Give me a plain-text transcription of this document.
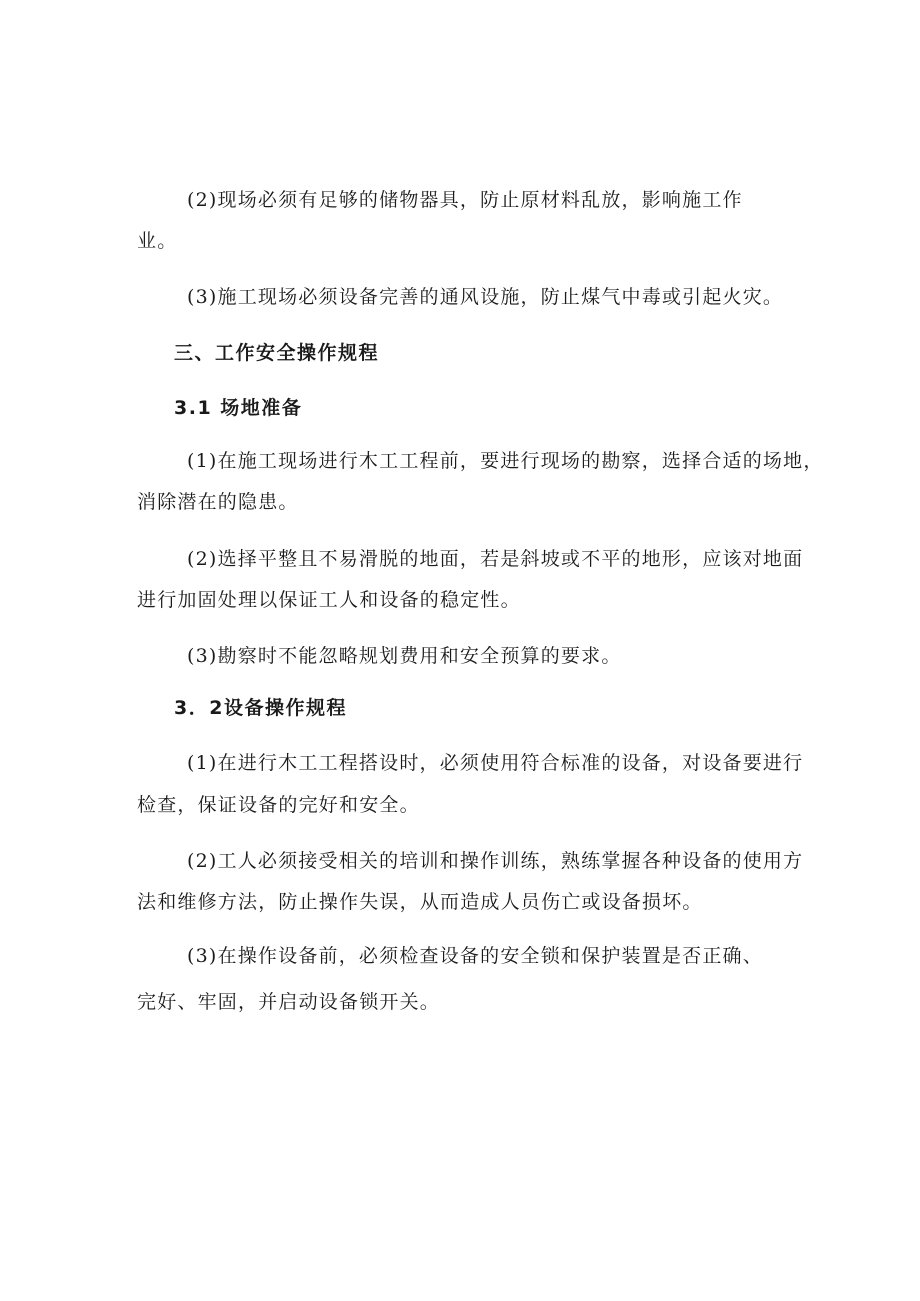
(2)现场必须有足够的储物器具，防止原材料乱放，影响施工作
业。
(3)施工现场必须设备完善的通风设施，防止煤气中毒或引起火灾。
三、工作安全操作规程
3.1 场地准备
(1)在施工现场进行木工工程前，要进行现场的勘察，选择合适的场地，
消除潜在的隐患。
(2)选择平整且不易滑脱的地面，若是斜坡或不平的地形，应该对地面
进行加固处理以保证工人和设备的稳定性。
(3)勘察时不能忽略规划费用和安全预算的要求。
3．2设备操作规程
(1)在进行木工工程搭设时，必须使用符合标准的设备，对设备要进行
检查，保证设备的完好和安全。
(2)工人必须接受相关的培训和操作训练，熟练掌握各种设备的使用方
法和维修方法，防止操作失误，从而造成人员伤亡或设备损坏。
(3)在操作设备前，必须检查设备的安全锁和保护装置是否正确、
完好、牢固，并启动设备锁开关。
